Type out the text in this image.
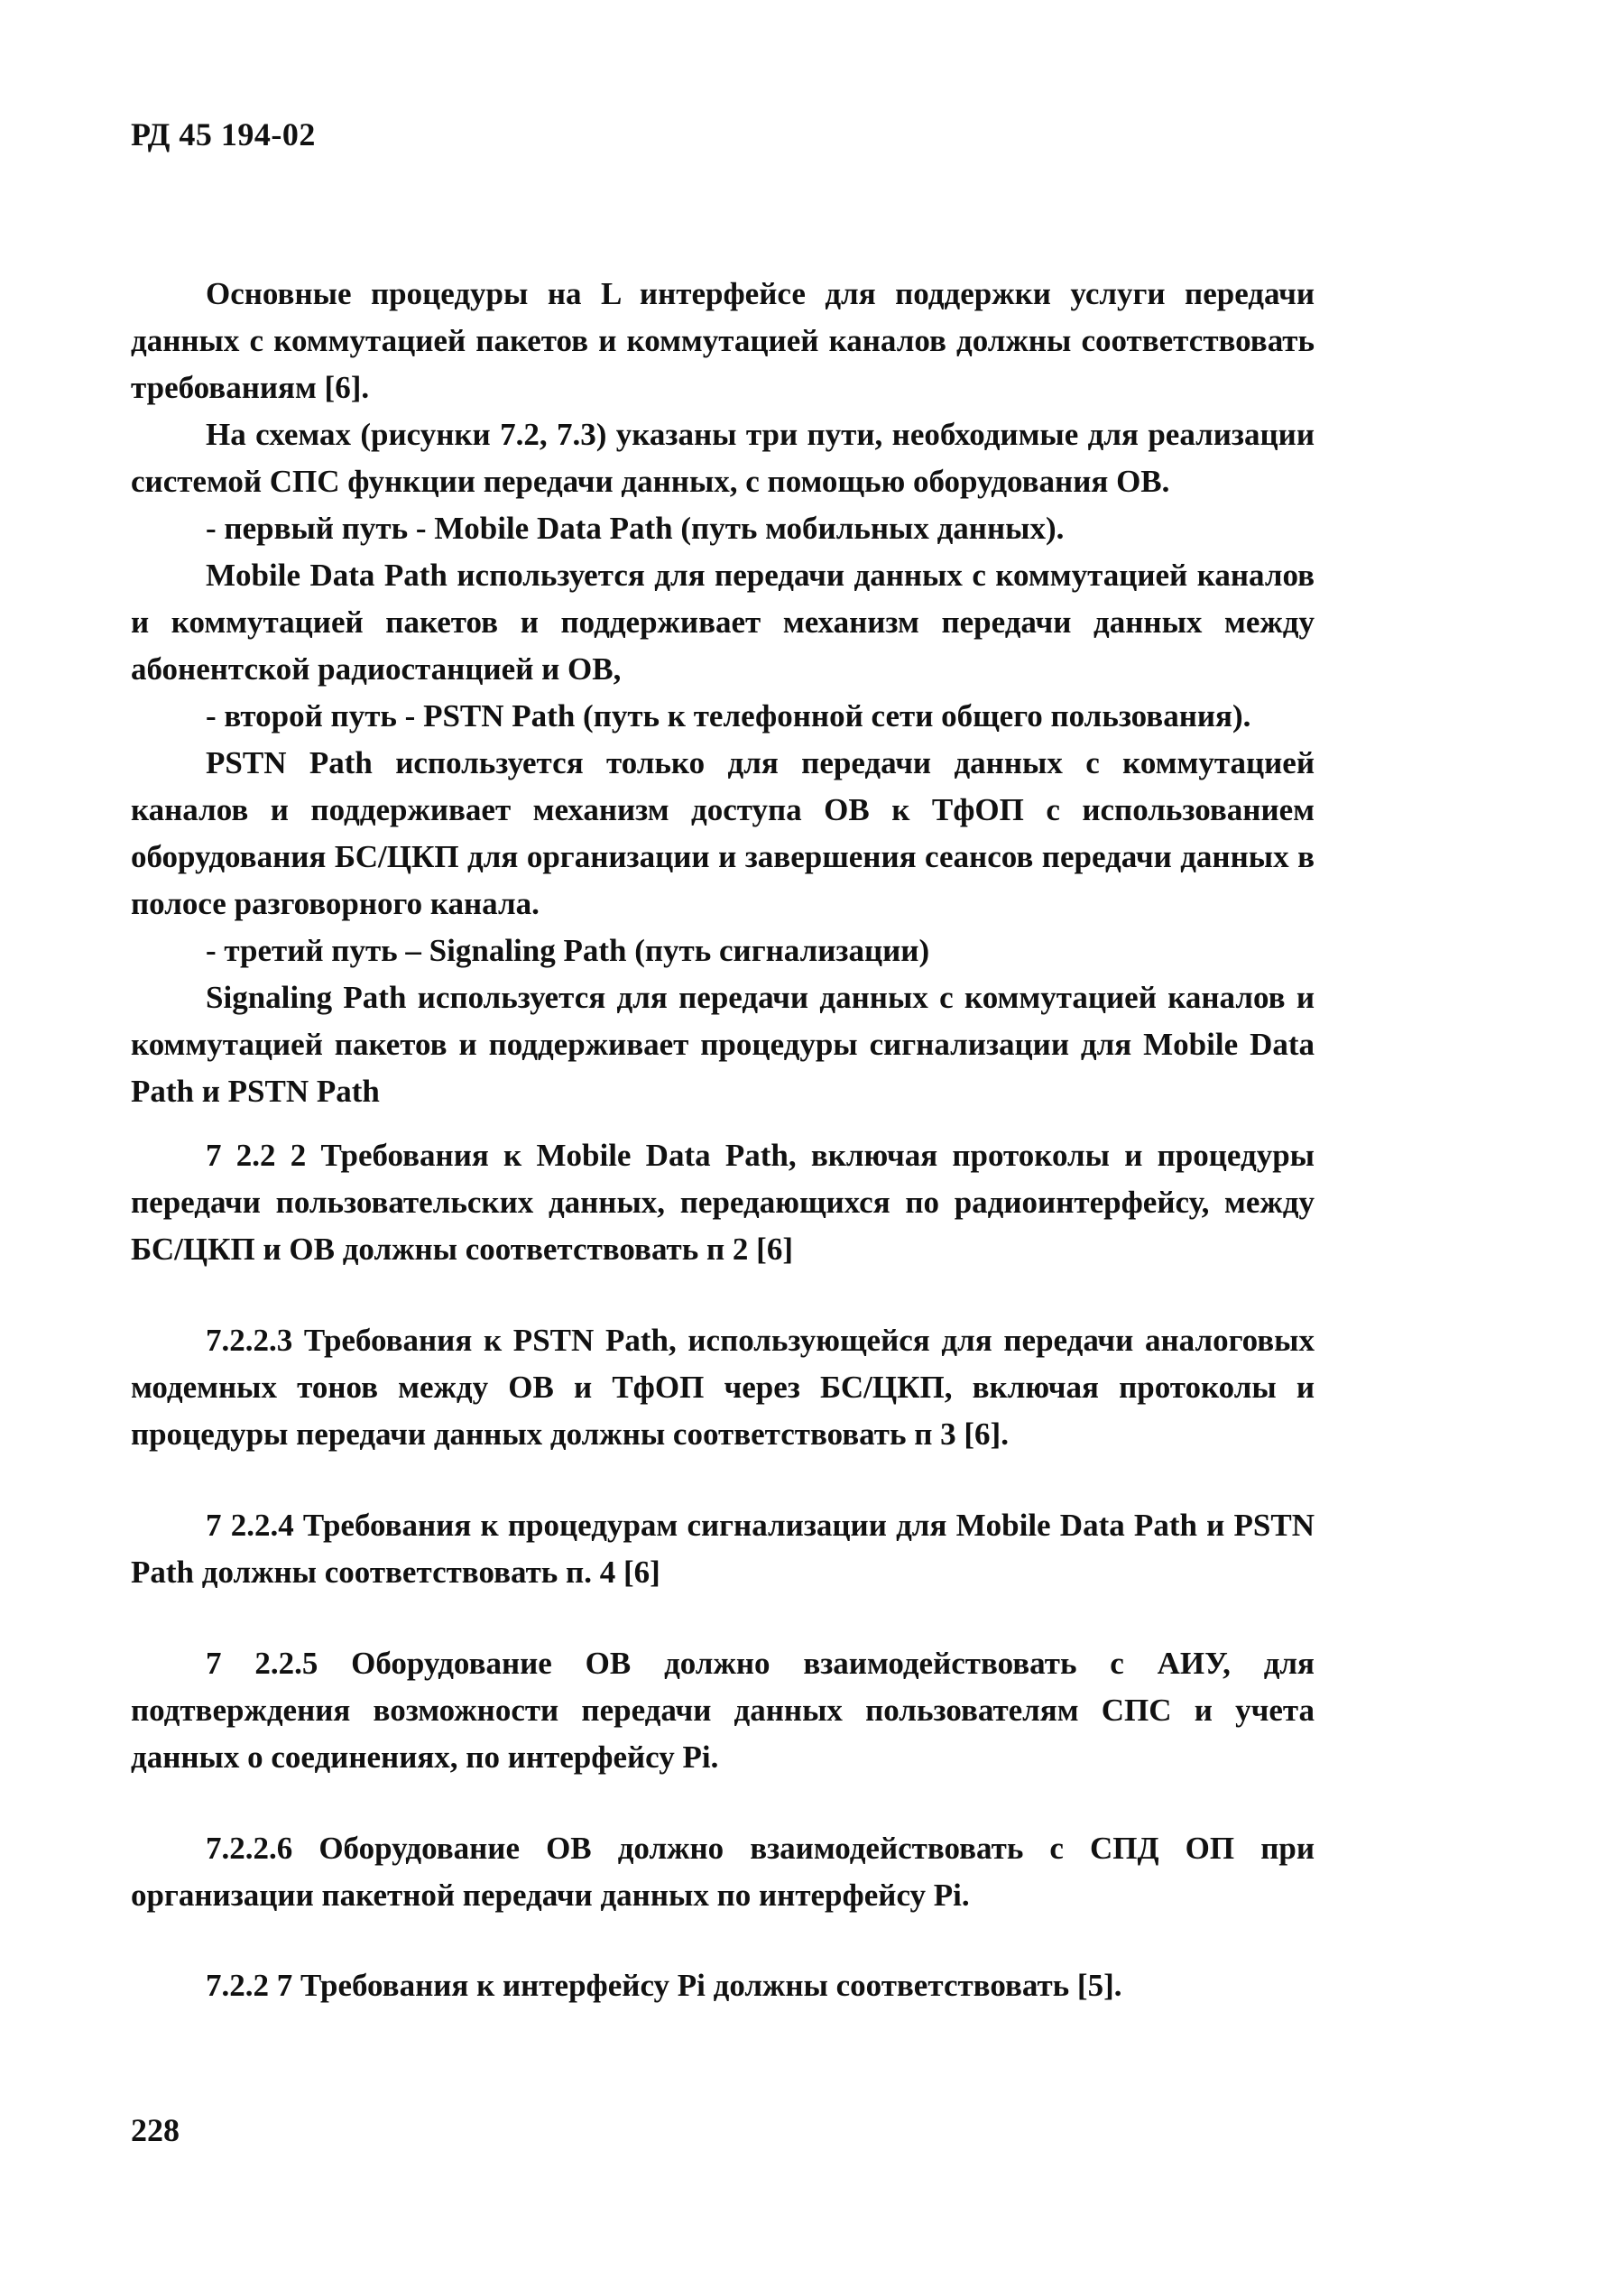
РД 45 194-02

Основные процедуры на L интерфейсе для поддержки услуги передачи данных с коммутацией пакетов и коммутацией каналов должны соответствовать требованиям [6].

На схемах (рисунки 7.2, 7.3) указаны три пути, необходимые для реализации системой СПС функции передачи данных, с помощью оборудования ОВ.

- первый путь - Mobile Data Path (путь мобильных данных).

Mobile Data Path используется для передачи данных с коммутацией каналов и коммутацией пакетов и поддерживает механизм передачи данных между абонентской радиостанцией и ОВ,

- второй путь - PSTN Path (путь к телефонной сети общего пользования).

PSTN Path используется только для передачи данных с коммутацией каналов и поддерживает механизм доступа ОВ к ТфОП с использованием оборудования БС/ЦКП для организации и завершения сеансов передачи данных в полосе разговорного канала.

- третий путь – Signaling Path (путь сигнализации)

Signaling Path используется для передачи данных с коммутацией каналов и коммутацией пакетов и поддерживает процедуры сигнализации для Mobile Data Path и PSTN Path

7 2.2 2 Требования к Mobile Data Path, включая протоколы и процедуры передачи пользовательских данных, передающихся по радиоинтерфейсу, между БС/ЦКП и ОВ должны соответствовать п 2 [6]

7.2.2.3 Требования к PSTN Path, использующейся для передачи аналоговых модемных тонов между ОВ и ТфОП через БС/ЦКП, включая протоколы и процедуры передачи данных должны соответствовать п 3 [6].

7 2.2.4 Требования к процедурам сигнализации для Mobile Data Path и PSTN Path должны соответствовать п. 4 [6]

7 2.2.5 Оборудование ОВ должно взаимодействовать с АИУ, для подтверждения возможности передачи данных пользователям СПС и учета данных о соединениях, по интерфейсу Pi.

7.2.2.6 Оборудование ОВ должно взаимодействовать с СПД ОП при организации пакетной передачи данных по интерфейсу Pi.

7.2.2 7 Требования к интерфейсу Pi должны соответствовать [5].

228
